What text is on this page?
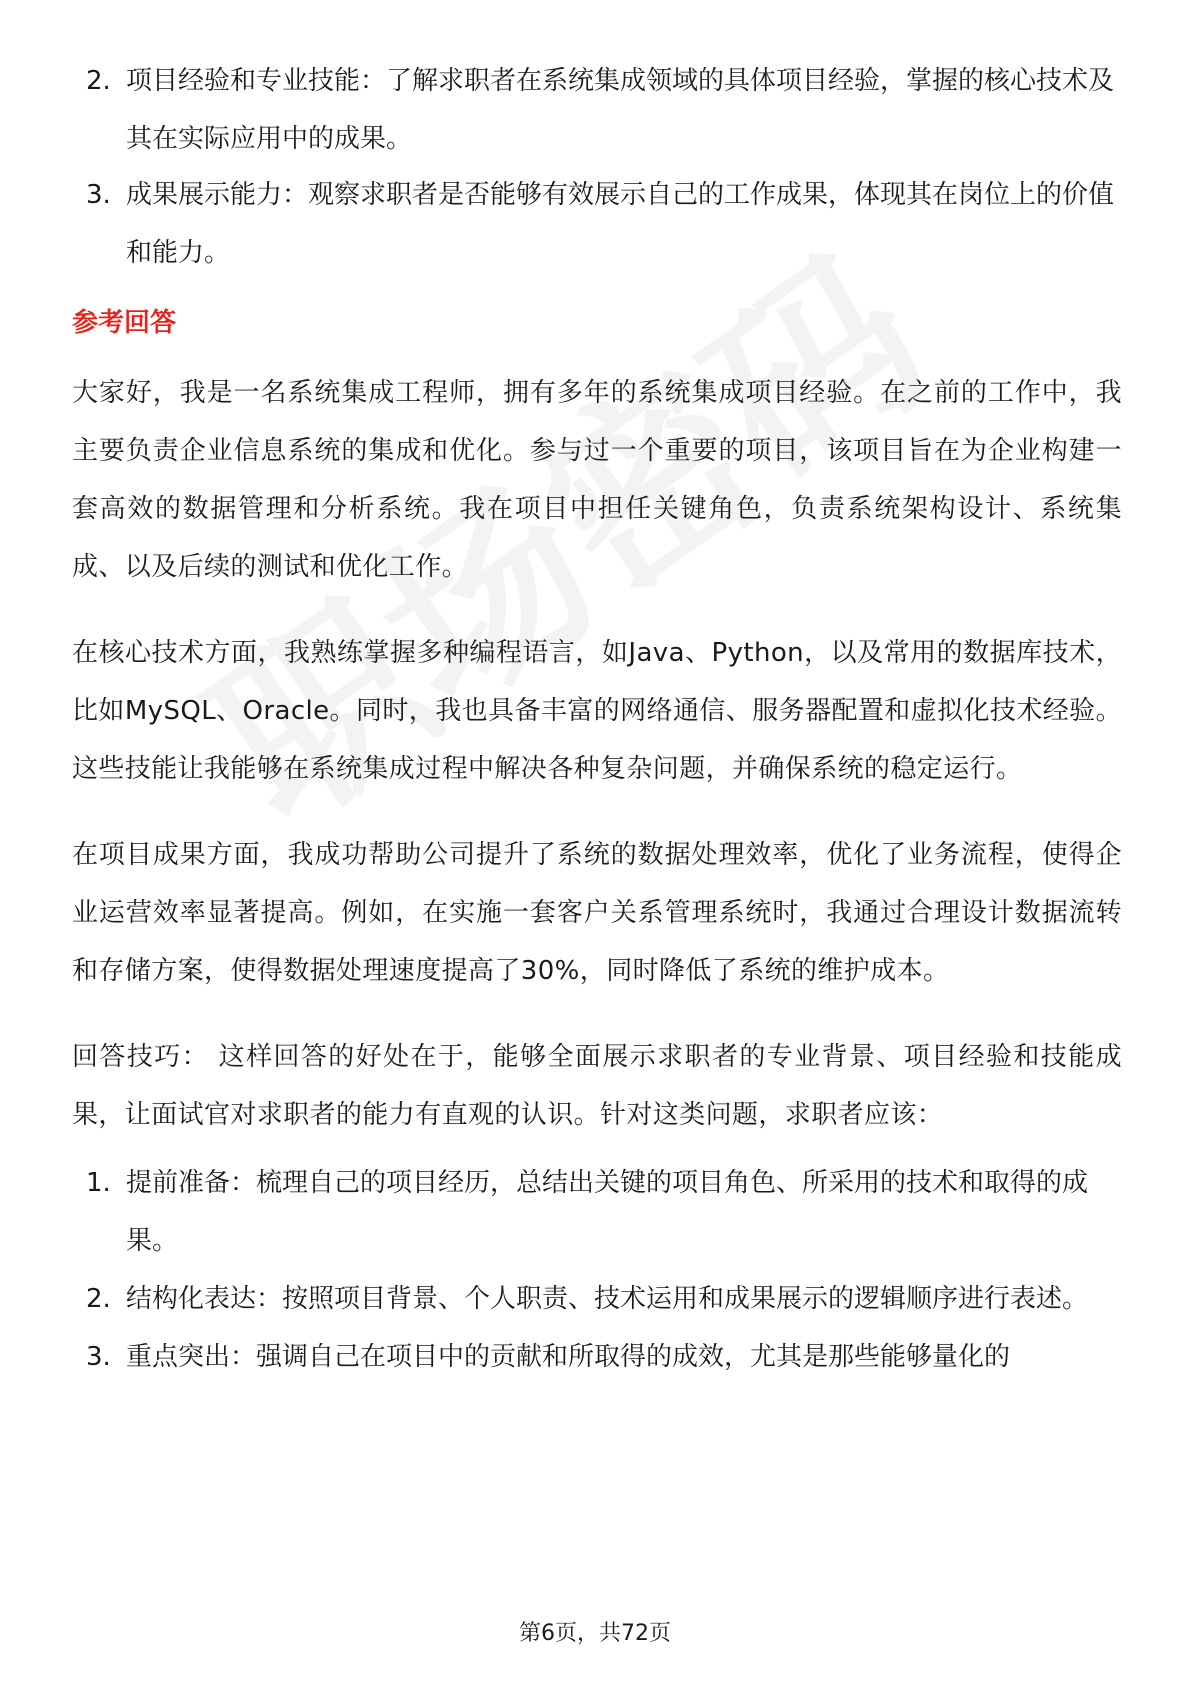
2. 项目经验和专业技能：了解求职者在系统集成领域的具体项目经验，掌握的核心技术及其在实际应用中的成果。
3. 成果展示能力：观察求职者是否能够有效展示自己的工作成果，体现其在岗位上的价值和能力。
参考回答

大家好，我是一名系统集成工程师，拥有多年的系统集成项目经验。在之前的工作中，我主要负责企业信息系统的集成和优化。参与过一个重要的项目，该项目旨在为企业构建一套高效的数据管理和分析系统。我在项目中担任关键角色，负责系统架构设计、系统集成、以及后续的测试和优化工作。

在核心技术方面，我熟练掌握多种编程语言，如Java、Python，以及常用的数据库技术，比如MySQL、Oracle。同时，我也具备丰富的网络通信、服务器配置和虚拟化技术经验。这些技能让我能够在系统集成过程中解决各种复杂问题，并确保系统的稳定运行。

在项目成果方面，我成功帮助公司提升了系统的数据处理效率，优化了业务流程，使得企业运营效率显著提高。例如，在实施一套客户关系管理系统时，我通过合理设计数据流转和存储方案，使得数据处理速度提高了30%，同时降低了系统的维护成本。

回答技巧： 这样回答的好处在于，能够全面展示求职者的专业背景、项目经验和技能成果，让面试官对求职者的能力有直观的认识。针对这类问题，求职者应该：

1. 提前准备：梳理自己的项目经历，总结出关键的项目角色、所采用的技术和取得的成果。
2. 结构化表达：按照项目背景、个人职责、技术运用和成果展示的逻辑顺序进行表述。
3. 重点突出：强调自己在项目中的贡献和所取得的成效，尤其是那些能够量化的
第6页，共72页
